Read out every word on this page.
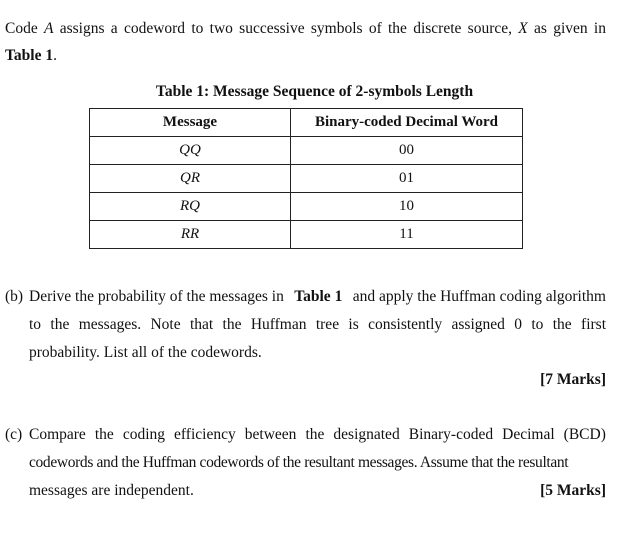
Code A assigns a codeword to two successive symbols of the discrete source, X as given in
Table 1.
Table 1: Message Sequence of 2-symbols Length
Message	Binary-coded Decimal Word
QQ	00
QR	01
RQ	10
RR	11
(b) Derive the probability of the messages in Table 1 and apply the Huffman coding algorithm
to the messages. Note that the Huffman tree is consistently assigned 0 to the first
probability. List all of the codewords.
[7 Marks]
(c) Compare the coding efficiency between the designated Binary-coded Decimal (BCD)
codewords and the Huffman codewords of the resultant messages. Assume that the resultant
messages are independent.	[5 Marks]
